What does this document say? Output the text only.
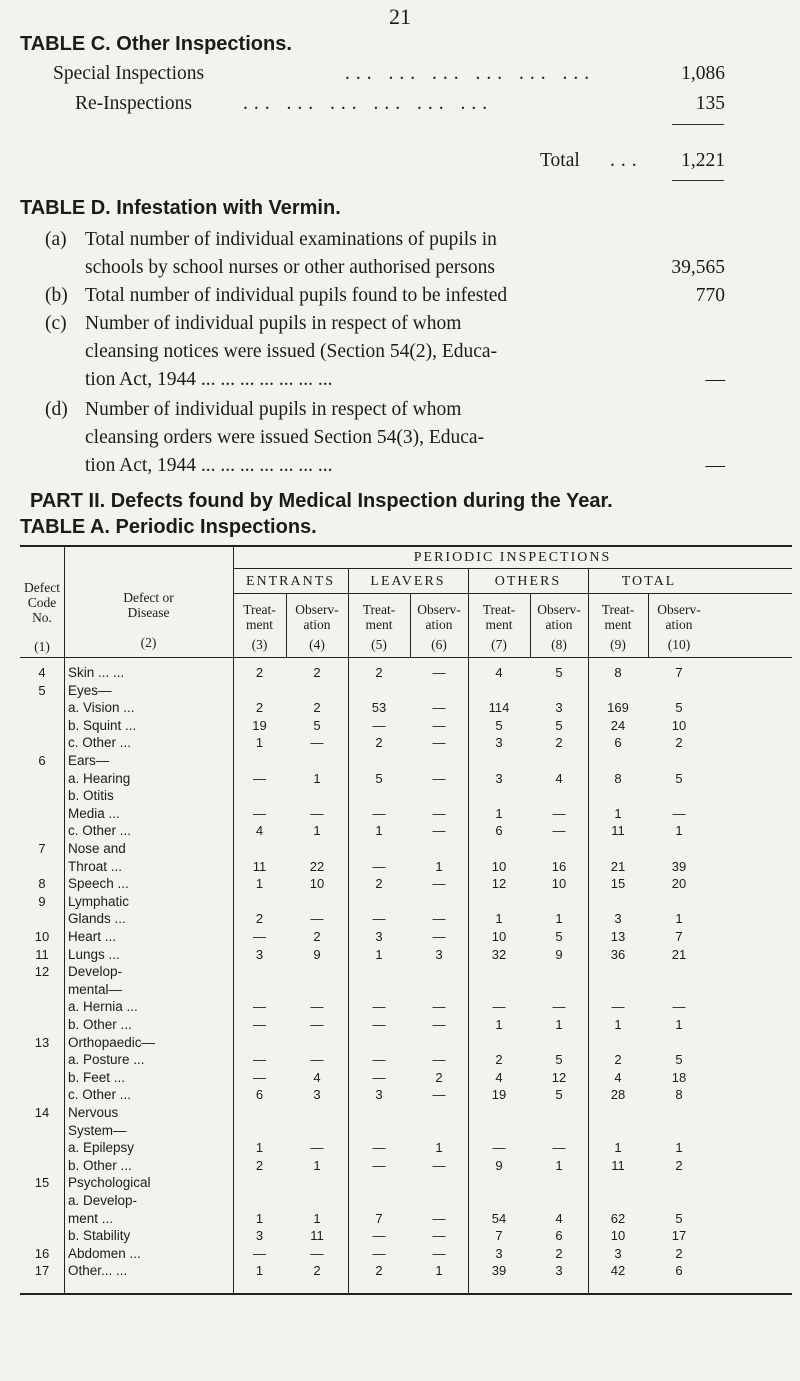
21
TABLE C. Other Inspections.
Special Inspections	... ... ... ... ... ...	1,086
Re-Inspections	... ... ... ... ... ...	135
Total ...	1,221
TABLE D. Infestation with Vermin.
(a) Total number of individual examinations of pupils in
schools by school nurses or other authorised persons	39,565
(b) Total number of individual pupils found to be infested	770
(c) Number of individual pupils in respect of whom
cleansing notices were issued (Section 54(2), Educa-
tion Act, 1944 ... ... ... ... ... ... ...	—
(d) Number of individual pupils in respect of whom
cleansing orders were issued Section 54(3), Educa-
tion Act, 1944 ... ... ... ... ... ... ...	—
PART II. Defects found by Medical Inspection during the Year.
TABLE A. Periodic Inspections.
PERIODIC INSPECTIONS
Defect
Code
No.
(1)
Defect or
Disease
(2)
ENTRANTS	LEAVERS	OTHERS	TOTAL
Treat-
ment
(3)
Observ-
ation
(4)
Treat-
ment
(5)
Observ-
ation
(6)
Treat-
ment
(7)
Observ-
ation
(8)
Treat-
ment
(9)
Observ-
ation
(10)
4	Skin ... ...	2	2	2	—	4	5	8	7
5	Eyes—
a. Vision ...	2	2	53	—	114	3	169	5
b. Squint ...	19	5	—	—	5	5	24	10
c. Other ...	1	—	2	—	3	2	6	2
6	Ears—
a. Hearing	—	1	5	—	3	4	8	5
b. Otitis
Media ...	—	—	—	—	1	—	1	—
c. Other ...	4	1	1	—	6	—	11	1
7	Nose and
Throat ...	11	22	—	1	10	16	21	39
8	Speech ...	1	10	2	—	12	10	15	20
9	Lymphatic
Glands ...	2	—	—	—	1	1	3	1
10	Heart ...	—	2	3	—	10	5	13	7
11	Lungs ...	3	9	1	3	32	9	36	21
12	Develop-
mental—
a. Hernia ...	—	—	—	—	—	—	—	—
b. Other ...	—	—	—	—	1	1	1	1
13	Orthopaedic—
a. Posture ...	—	—	—	—	2	5	2	5
b. Feet ...	—	4	—	2	4	12	4	18
c. Other ...	6	3	3	—	19	5	28	8
14	Nervous
System—
a. Epilepsy	1	—	—	1	—	—	1	1
b. Other ...	2	1	—	—	9	1	11	2
15	Psychological
a. Develop-
ment ...	1	1	7	—	54	4	62	5
b. Stability	3	11	—	—	7	6	10	17
16	Abdomen ...	—	—	—	—	3	2	3	2
17	Other... ...	1	2	2	1	39	3	42	6
